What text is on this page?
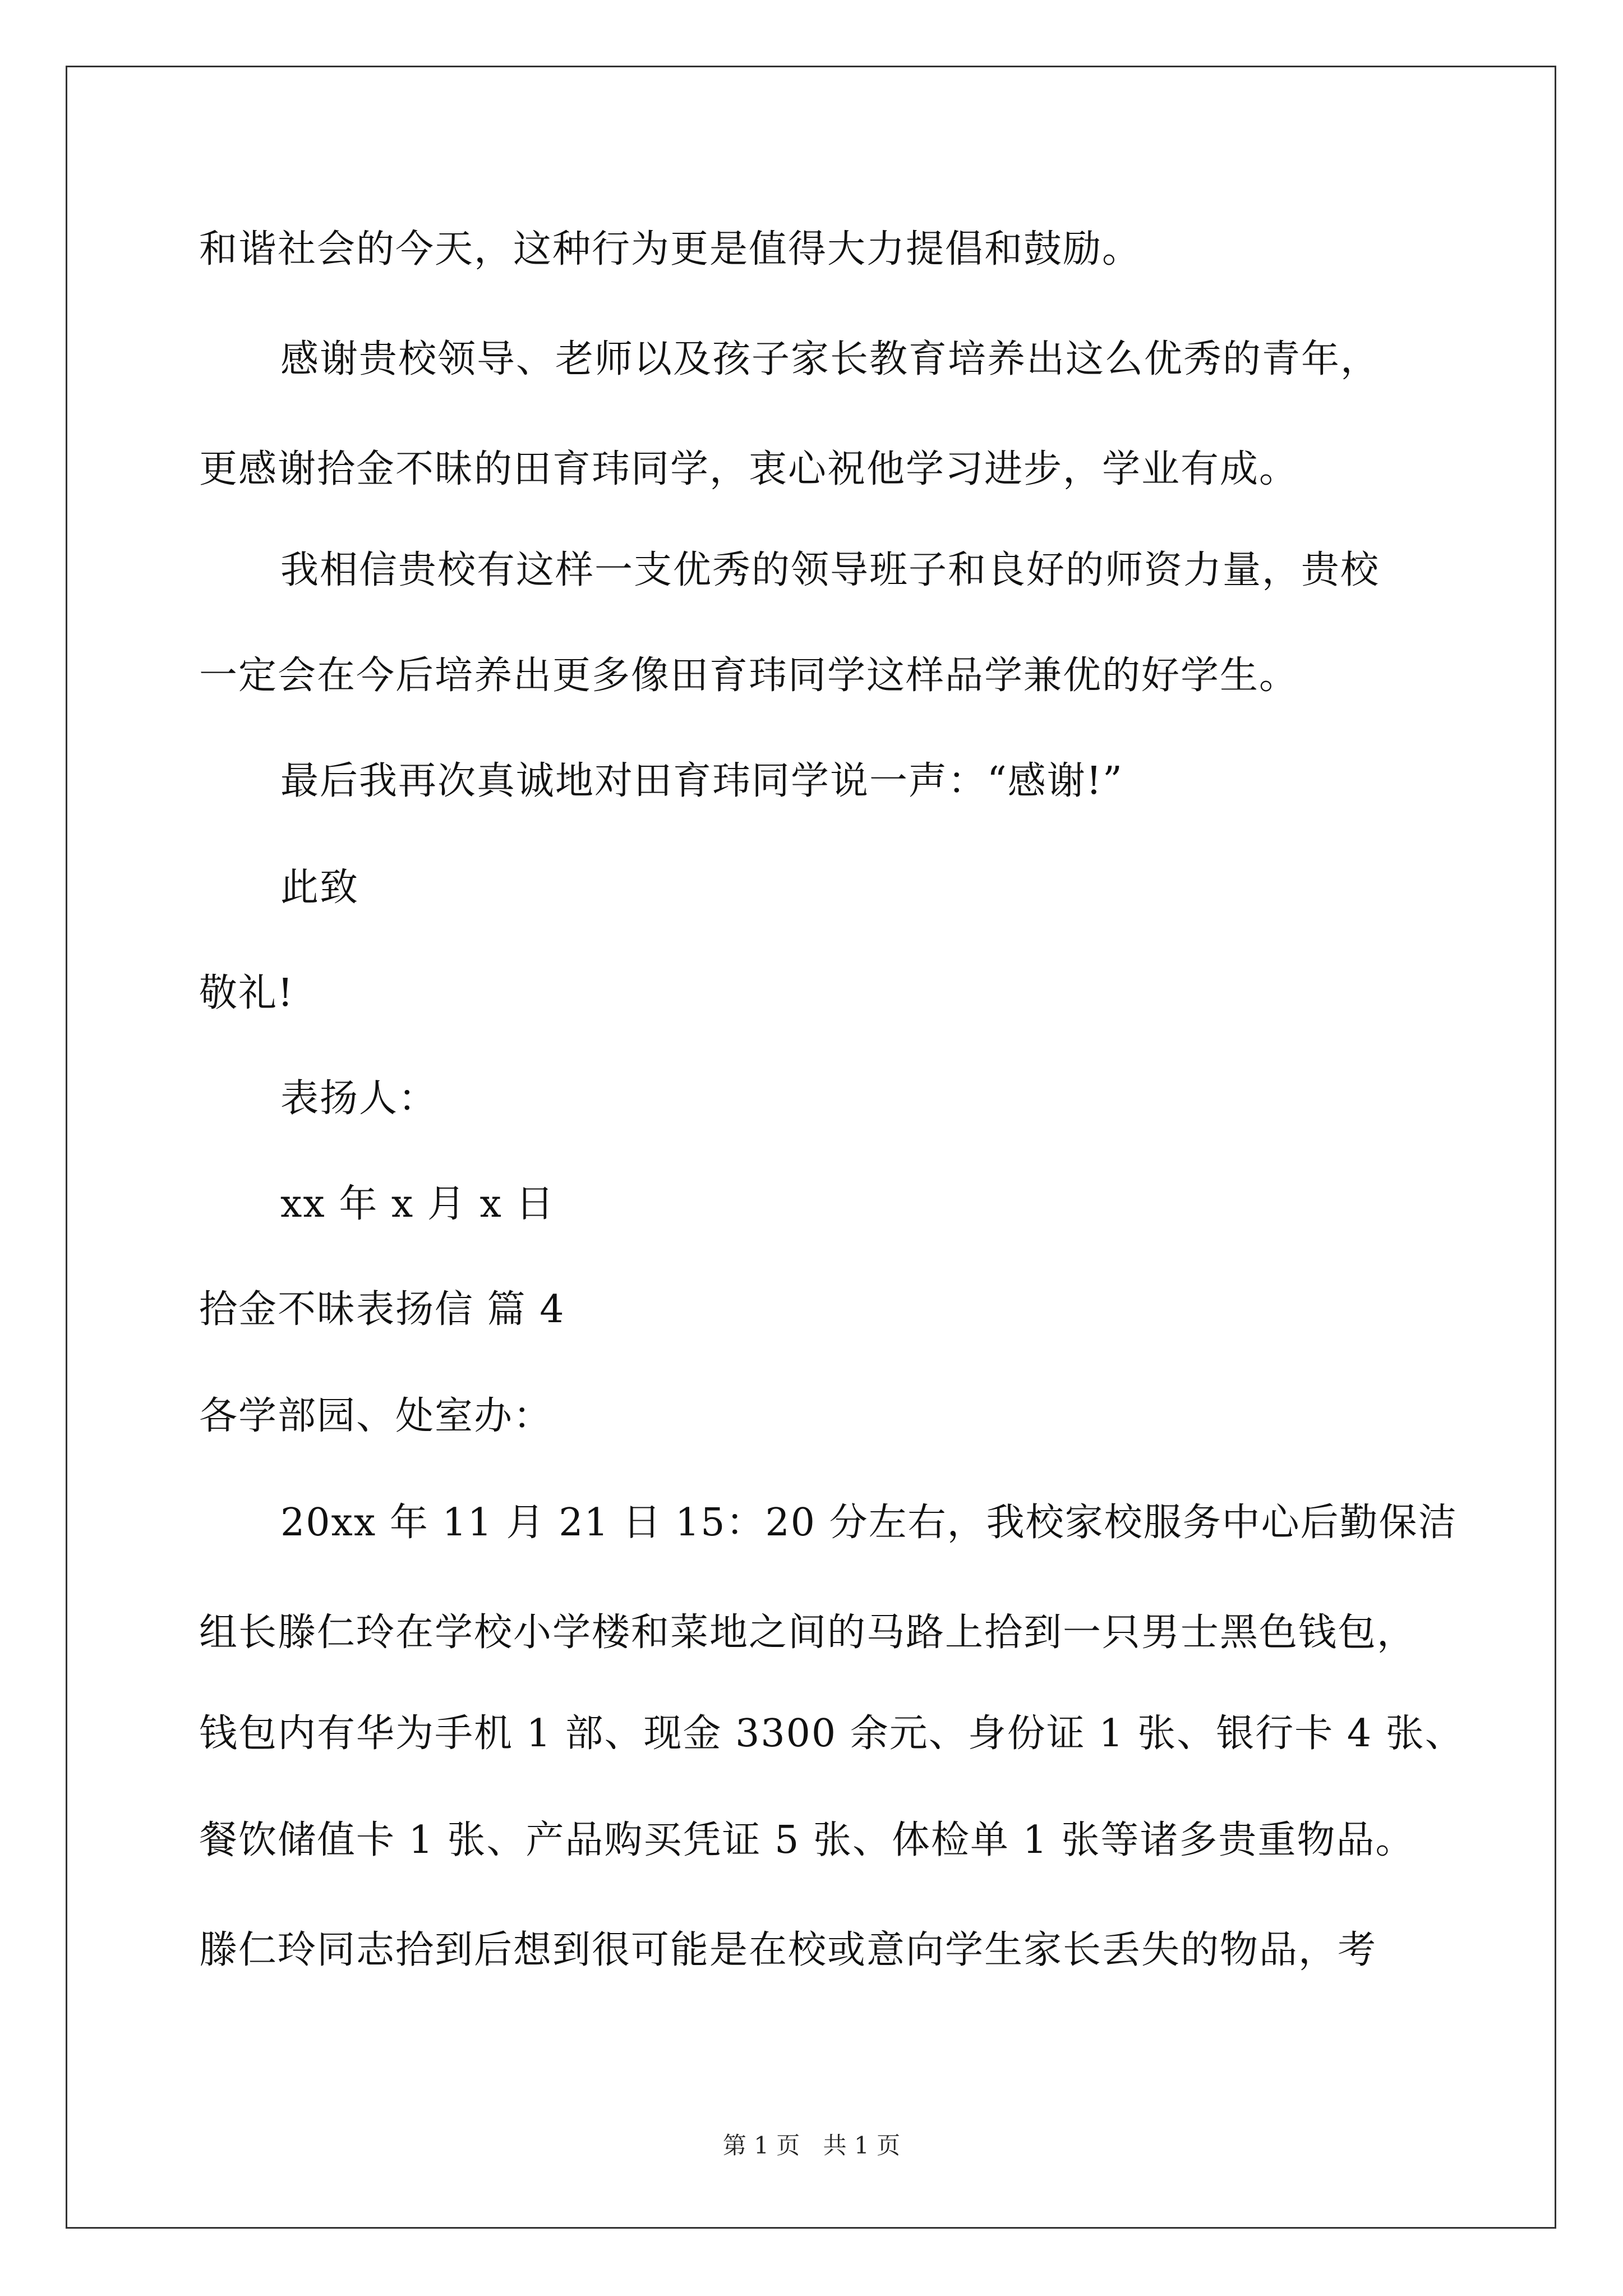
和谐社会的今天，这种行为更是值得大力提倡和鼓励。
感谢贵校领导、老师以及孩子家长教育培养出这么优秀的青年，
更感谢拾金不昧的田育玮同学，衷心祝他学习进步，学业有成。
我相信贵校有这样一支优秀的领导班子和良好的师资力量，贵校
一定会在今后培养出更多像田育玮同学这样品学兼优的好学生。
最后我再次真诚地对田育玮同学说一声：“感谢!”
此致
敬礼!
表扬人：
xx 年 x 月 x 日
拾金不昧表扬信 篇 4
各学部园、处室办：
20xx 年 11 月 21 日 15：20 分左右，我校家校服务中心后勤保洁
组长滕仁玲在学校小学楼和菜地之间的马路上拾到一只男士黑色钱包，
钱包内有华为手机 1 部、现金 3300 余元、身份证 1 张、银行卡 4 张、
餐饮储值卡 1 张、产品购买凭证 5 张、体检单 1 张等诸多贵重物品。
滕仁玲同志拾到后想到很可能是在校或意向学生家长丢失的物品，考
第 1 页 共 1 页
